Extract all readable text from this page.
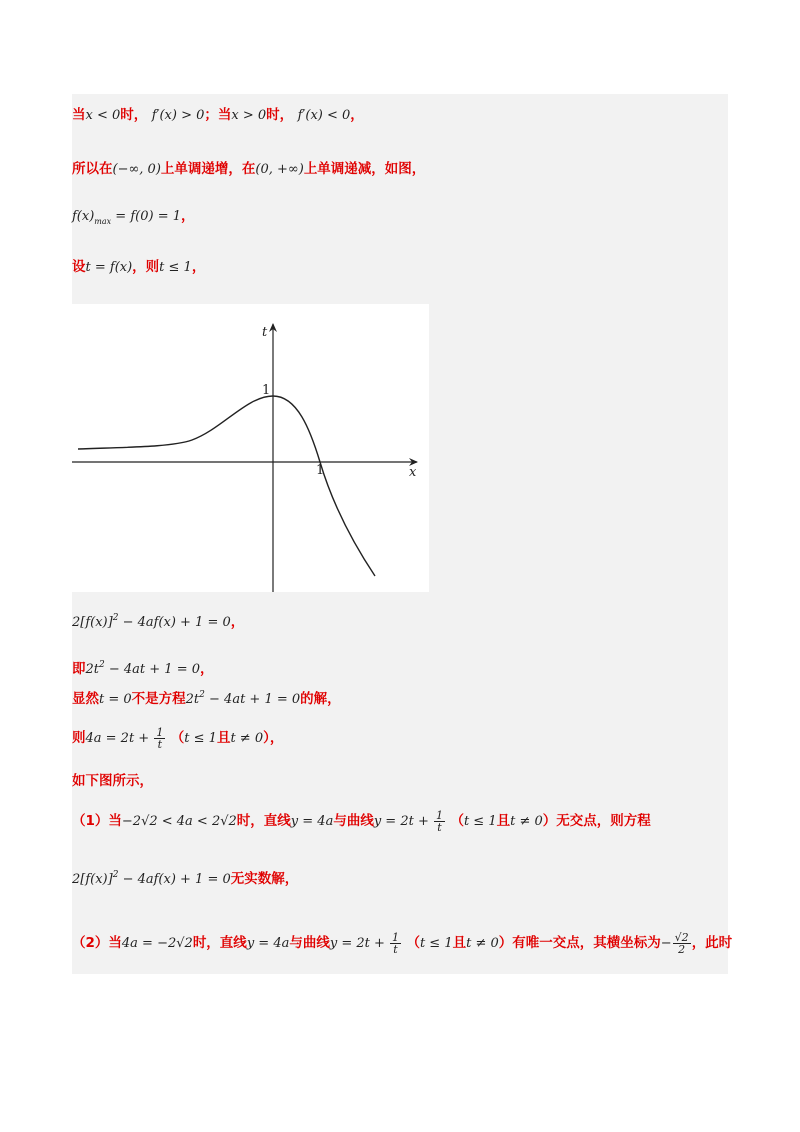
当x < 0时， f′(x) > 0；当x > 0时， f′(x) < 0，
所以在(−∞, 0)上单调递增，在(0, +∞)上单调递减，如图，
$f(x)_{max} = f(0) = 1$，
设t = f(x)，则t ≤ 1，
t
x
1
1
$2[f(x)]^2 - 4af(x) + 1 = 0$，
即$2t^2 - 4at + 1 = 0$，
显然t = 0不是方程$2t^2 - 4at + 1 = 0$的解，
则$4a = 2t + \frac{1}{t} (t \le 1$且t ≠ 0），
如下图所示，
（1）当−2√2 < 4a < 2√2时，直线y = 4a与曲线$y = 2t + \frac{1}{t} (t \le 1$且t ≠ 0）无交点，则方程
$2[f(x)]^2 - 4af(x) + 1 = 0$无实数解，
（2）当4a = −2√2时，直线y = 4a与曲线$y = 2t + \frac{1}{t} (t \le 1$且t ≠ 0）有唯一交点，其横坐标为− $\frac{√2}{2}$ ，此时
